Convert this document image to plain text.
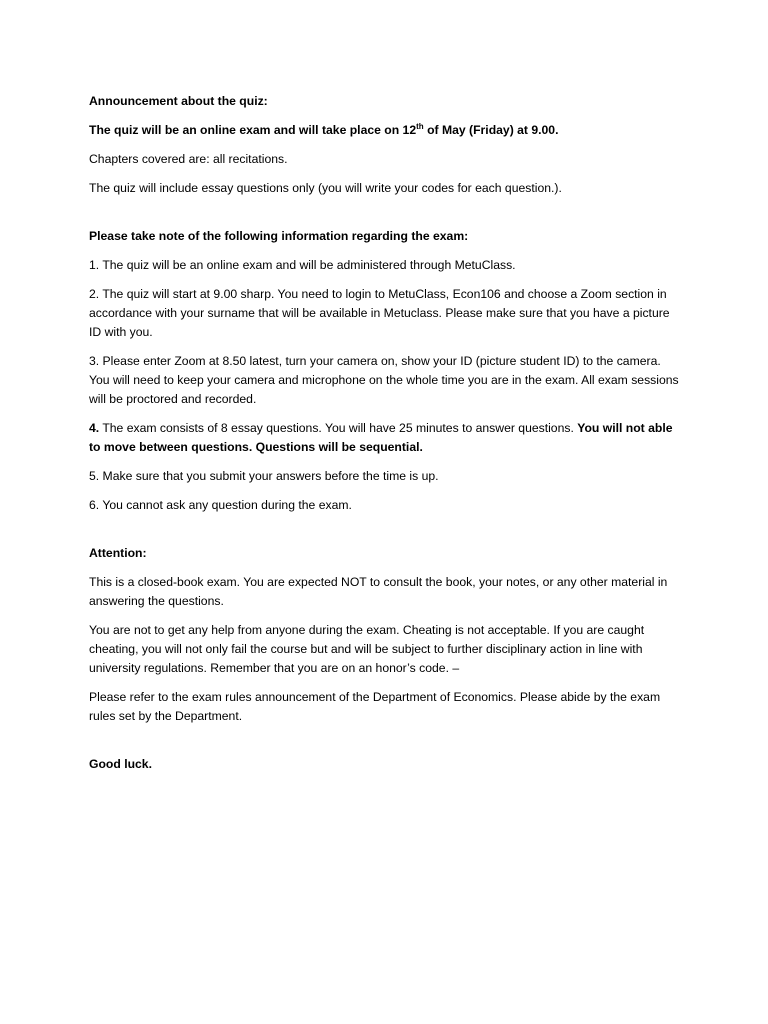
Announcement about the quiz:

The quiz will be an online exam and will take place on 12th of May (Friday) at 9.00.

Chapters covered are: all recitations.

The quiz will include essay questions only (you will write your codes for each question.).

Please take note of the following information regarding the exam:

1. The quiz will be an online exam and will be administered through MetuClass.

2. The quiz will start at 9.00 sharp. You need to login to MetuClass, Econ106 and choose a Zoom section in accordance with your surname that will be available in Metuclass. Please make sure that you have a picture ID with you.

3. Please enter Zoom at 8.50 latest, turn your camera on, show your ID (picture student ID) to the camera. You will need to keep your camera and microphone on the whole time you are in the exam. All exam sessions will be proctored and recorded.

4. The exam consists of 8 essay questions. You will have 25 minutes to answer questions. You will not able to move between questions. Questions will be sequential.

5. Make sure that you submit your answers before the time is up.

6. You cannot ask any question during the exam.

Attention:

This is a closed-book exam. You are expected NOT to consult the book, your notes, or any other material in answering the questions.

You are not to get any help from anyone during the exam. Cheating is not acceptable. If you are caught cheating, you will not only fail the course but and will be subject to further disciplinary action in line with university regulations. Remember that you are on an honor’s code. –

Please refer to the exam rules announcement of the Department of Economics. Please abide by the exam rules set by the Department.

Good luck.
